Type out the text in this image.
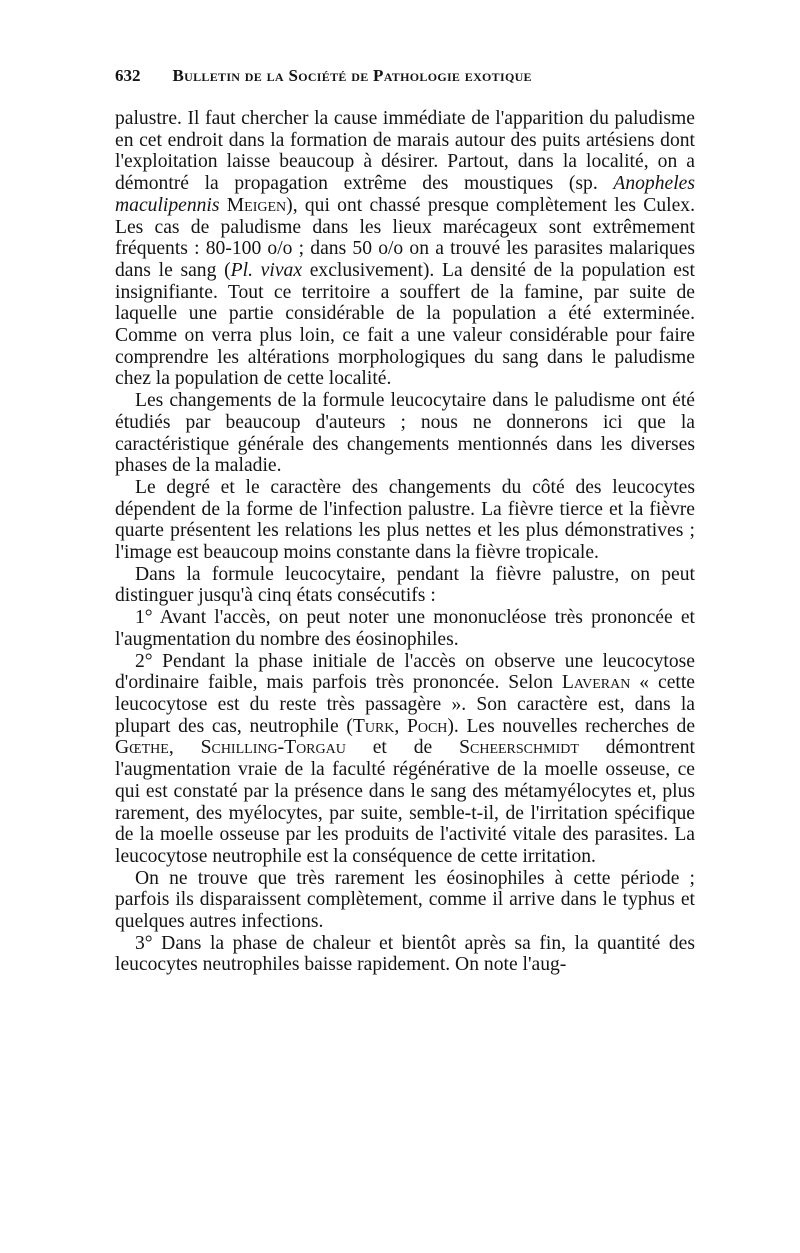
632 Bulletin de la Société de Pathologie exotique

palustre. Il faut chercher la cause immédiate de l'apparition du paludisme en cet endroit dans la formation de marais autour des puits artésiens dont l'exploitation laisse beaucoup à désirer. Partout, dans la localité, on a démontré la propagation extrême des moustiques (sp. Anopheles maculipennis Meigen), qui ont chassé presque complètement les Culex. Les cas de paludisme dans les lieux marécageux sont extrêmement fréquents : 80-100 o/o ; dans 50 o/o on a trouvé les parasites malariques dans le sang (Pl. vivax exclusivement). La densité de la population est insignifiante. Tout ce territoire a souffert de la famine, par suite de laquelle une partie considérable de la population a été exterminée. Comme on verra plus loin, ce fait a une valeur considérable pour faire comprendre les altérations morphologiques du sang dans le paludisme chez la population de cette localité.

Les changements de la formule leucocytaire dans le paludisme ont été étudiés par beaucoup d'auteurs ; nous ne donnerons ici que la caractéristique générale des changements mentionnés dans les diverses phases de la maladie.

Le degré et le caractère des changements du côté des leucocytes dépendent de la forme de l'infection palustre. La fièvre tierce et la fièvre quarte présentent les relations les plus nettes et les plus démonstratives ; l'image est beaucoup moins constante dans la fièvre tropicale.

Dans la formule leucocytaire, pendant la fièvre palustre, on peut distinguer jusqu'à cinq états consécutifs :

1° Avant l'accès, on peut noter une mononucléose très prononcée et l'augmentation du nombre des éosinophiles.

2° Pendant la phase initiale de l'accès on observe une leucocytose d'ordinaire faible, mais parfois très prononcée. Selon Laveran « cette leucocytose est du reste très passagère ». Son caractère est, dans la plupart des cas, neutrophile (Turk, Poch). Les nouvelles recherches de Gœthe, Schilling-Torgau et de Scheerschmidt démontrent l'augmentation vraie de la faculté régénérative de la moelle osseuse, ce qui est constaté par la présence dans le sang des métamyélocytes et, plus rarement, des myélocytes, par suite, semble-t-il, de l'irritation spécifique de la moelle osseuse par les produits de l'activité vitale des parasites. La leucocytose neutrophile est la conséquence de cette irritation.

On ne trouve que très rarement les éosinophiles à cette période ; parfois ils disparaissent complètement, comme il arrive dans le typhus et quelques autres infections.

3° Dans la phase de chaleur et bientôt après sa fin, la quantité des leucocytes neutrophiles baisse rapidement. On note l'aug-
